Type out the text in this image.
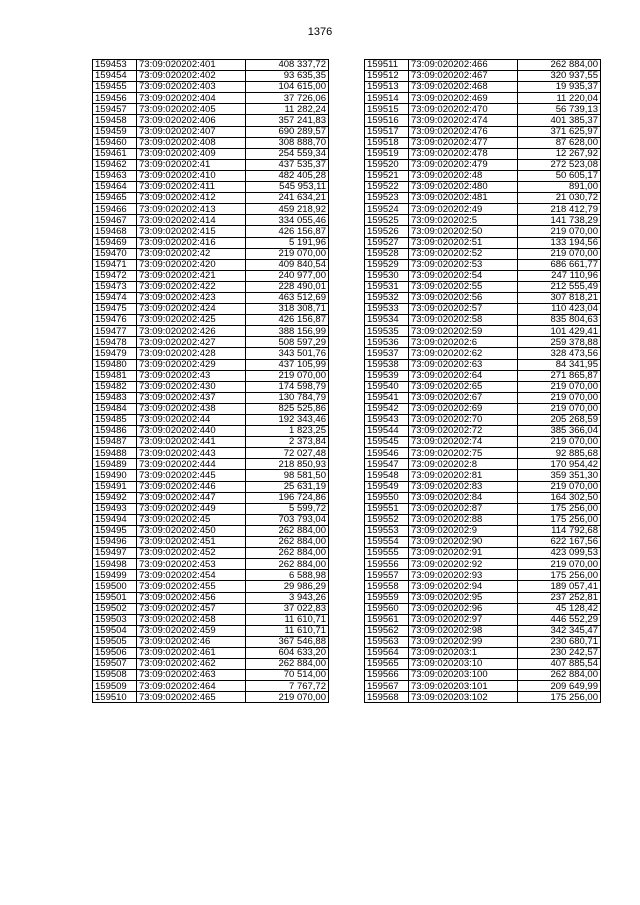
1376
159453	73:09:020202:401	408 337,72
159454	73:09:020202:402	93 635,35
159455	73:09:020202:403	104 615,00
159456	73:09:020202:404	37 726,06
159457	73:09:020202:405	11 282,24
159458	73:09:020202:406	357 241,83
159459	73:09:020202:407	690 289,57
159460	73:09:020202:408	308 888,70
159461	73:09:020202:409	254 559,34
159462	73:09:020202:41	437 535,37
159463	73:09:020202:410	482 405,28
159464	73:09:020202:411	545 953,11
159465	73:09:020202:412	241 634,21
159466	73:09:020202:413	459 218,92
159467	73:09:020202:414	334 055,46
159468	73:09:020202:415	426 156,87
159469	73:09:020202:416	5 191,96
159470	73:09:020202:42	219 070,00
159471	73:09:020202:420	409 840,54
159472	73:09:020202:421	240 977,00
159473	73:09:020202:422	228 490,01
159474	73:09:020202:423	463 512,69
159475	73:09:020202:424	318 308,71
159476	73:09:020202:425	426 156,87
159477	73:09:020202:426	388 156,99
159478	73:09:020202:427	508 597,29
159479	73:09:020202:428	343 501,76
159480	73:09:020202:429	437 105,99
159481	73:09:020202:43	219 070,00
159482	73:09:020202:430	174 598,79
159483	73:09:020202:437	130 784,79
159484	73:09:020202:438	825 525,86
159485	73:09:020202:44	192 343,46
159486	73:09:020202:440	1 823,25
159487	73:09:020202:441	2 373,84
159488	73:09:020202:443	72 027,48
159489	73:09:020202:444	218 850,93
159490	73:09:020202:445	98 581,50
159491	73:09:020202:446	25 631,19
159492	73:09:020202:447	196 724,86
159493	73:09:020202:449	5 599,72
159494	73:09:020202:45	703 793,04
159495	73:09:020202:450	262 884,00
159496	73:09:020202:451	262 884,00
159497	73:09:020202:452	262 884,00
159498	73:09:020202:453	262 884,00
159499	73:09:020202:454	6 588,98
159500	73:09:020202:455	29 986,29
159501	73:09:020202:456	3 943,26
159502	73:09:020202:457	37 022,83
159503	73:09:020202:458	11 610,71
159504	73:09:020202:459	11 610,71
159505	73:09:020202:46	367 546,88
159506	73:09:020202:461	604 633,20
159507	73:09:020202:462	262 884,00
159508	73:09:020202:463	70 514,00
159509	73:09:020202:464	7 767,72
159510	73:09:020202:465	219 070,00
159511	73:09:020202:466	262 884,00
159512	73:09:020202:467	320 937,55
159513	73:09:020202:468	19 935,37
159514	73:09:020202:469	11 220,04
159515	73:09:020202:470	56 739,13
159516	73:09:020202:474	401 385,37
159517	73:09:020202:476	371 625,97
159518	73:09:020202:477	87 628,00
159519	73:09:020202:478	12 267,92
159520	73:09:020202:479	272 523,08
159521	73:09:020202:48	50 605,17
159522	73:09:020202:480	891,00
159523	73:09:020202:481	21 030,72
159524	73:09:020202:49	218 412,79
159525	73:09:020202:5	141 738,29
159526	73:09:020202:50	219 070,00
159527	73:09:020202:51	133 194,56
159528	73:09:020202:52	219 070,00
159529	73:09:020202:53	686 661,77
159530	73:09:020202:54	247 110,96
159531	73:09:020202:55	212 555,49
159532	73:09:020202:56	307 818,21
159533	73:09:020202:57	110 423,04
159534	73:09:020202:58	835 804,63
159535	73:09:020202:59	101 429,41
159536	73:09:020202:6	259 378,88
159537	73:09:020202:62	328 473,56
159538	73:09:020202:63	84 341,95
159539	73:09:020202:64	271 865,87
159540	73:09:020202:65	219 070,00
159541	73:09:020202:67	219 070,00
159542	73:09:020202:69	219 070,00
159543	73:09:020202:70	205 268,59
159544	73:09:020202:72	385 366,04
159545	73:09:020202:74	219 070,00
159546	73:09:020202:75	92 885,68
159547	73:09:020202:8	170 954,42
159548	73:09:020202:81	359 351,30
159549	73:09:020202:83	219 070,00
159550	73:09:020202:84	164 302,50
159551	73:09:020202:87	175 256,00
159552	73:09:020202:88	175 256,00
159553	73:09:020202:9	114 792,68
159554	73:09:020202:90	622 167,56
159555	73:09:020202:91	423 099,53
159556	73:09:020202:92	219 070,00
159557	73:09:020202:93	175 256,00
159558	73:09:020202:94	189 057,41
159559	73:09:020202:95	237 252,81
159560	73:09:020202:96	45 128,42
159561	73:09:020202:97	446 552,29
159562	73:09:020202:98	342 345,47
159563	73:09:020202:99	230 680,71
159564	73:09:020203:1	230 242,57
159565	73:09:020203:10	407 885,54
159566	73:09:020203:100	262 884,00
159567	73:09:020203:101	209 649,99
159568	73:09:020203:102	175 256,00
